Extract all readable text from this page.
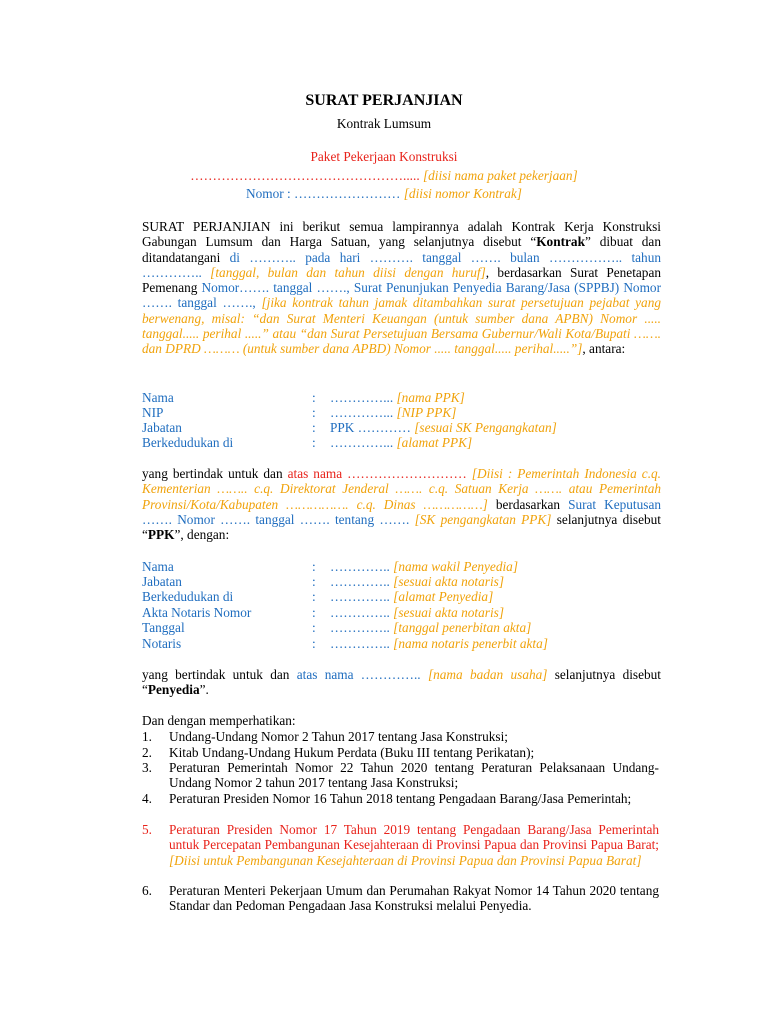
SURAT PERJANJIAN
Kontrak Lumsum
Paket Pekerjaan Konstruksi
…………………………………………..... [diisi nama paket pekerjaan]
Nomor : …………………… [diisi nomor Kontrak]
SURAT PERJANJIAN ini berikut semua lampirannya adalah Kontrak Kerja Konstruksi Gabungan Lumsum dan Harga Satuan, yang selanjutnya disebut “Kontrak” dibuat dan ditandatangani di ……….. pada hari ………. tanggal ……. bulan …………….. tahun ………….. [tanggal, bulan dan tahun diisi dengan huruf], berdasarkan Surat Penetapan Pemenang Nomor……. tanggal ……., Surat Penunjukan Penyedia Barang/Jasa (SPPBJ) Nomor ……. tanggal ……., [jika kontrak tahun jamak ditambahkan surat persetujuan pejabat yang berwenang, misal: “dan Surat Menteri Keuangan (untuk sumber dana APBN) Nomor ..... tanggal..... perihal .....” atau “dan Surat Persetujuan Bersama Gubernur/Wali Kota/Bupati ……. dan DPRD ……… (untuk sumber dana APBD) Nomor ..... tanggal..... perihal.....”], antara:
Nama	: …………... [nama PPK]
NIP	: …………... [NIP PPK]
Jabatan	: PPK ………… [sesuai SK Pengangkatan]
Berkedudukan di	: …………... [alamat PPK]
yang bertindak untuk dan atas nama ……………………… [Diisi : Pemerintah Indonesia c.q. Kementerian …….. c.q. Direktorat Jenderal ……. c.q. Satuan Kerja ……. atau Pemerintah Provinsi/Kota/Kabupaten ……………. c.q. Dinas ……………] berdasarkan Surat Keputusan ……. Nomor ……. tanggal ……. tentang ……. [SK pengangkatan PPK] selanjutnya disebut “PPK”, dengan:
Nama	: ………….. [nama wakil Penyedia]
Jabatan	: ………….. [sesuai akta notaris]
Berkedudukan di	: ………….. [alamat Penyedia]
Akta Notaris Nomor	: ………….. [sesuai akta notaris]
Tanggal	: ………….. [tanggal penerbitan akta]
Notaris	: ………….. [nama notaris penerbit akta]
yang bertindak untuk dan atas nama ………….. [nama badan usaha] selanjutnya disebut “Penyedia”.
Dan dengan memperhatikan:
1. Undang-Undang Nomor 2 Tahun 2017 tentang Jasa Konstruksi;
2. Kitab Undang-Undang Hukum Perdata (Buku III tentang Perikatan);
3. Peraturan Pemerintah Nomor 22 Tahun 2020 tentang Peraturan Pelaksanaan Undang-Undang Nomor 2 tahun 2017 tentang Jasa Konstruksi;
4. Peraturan Presiden Nomor 16 Tahun 2018 tentang Pengadaan Barang/Jasa Pemerintah;
5. Peraturan Presiden Nomor 17 Tahun 2019 tentang Pengadaan Barang/Jasa Pemerintah untuk Percepatan Pembangunan Kesejahteraan di Provinsi Papua dan Provinsi Papua Barat; [Diisi untuk Pembangunan Kesejahteraan di Provinsi Papua dan Provinsi Papua Barat]
6. Peraturan Menteri Pekerjaan Umum dan Perumahan Rakyat Nomor 14 Tahun 2020 tentang Standar dan Pedoman Pengadaan Jasa Konstruksi melalui Penyedia.
